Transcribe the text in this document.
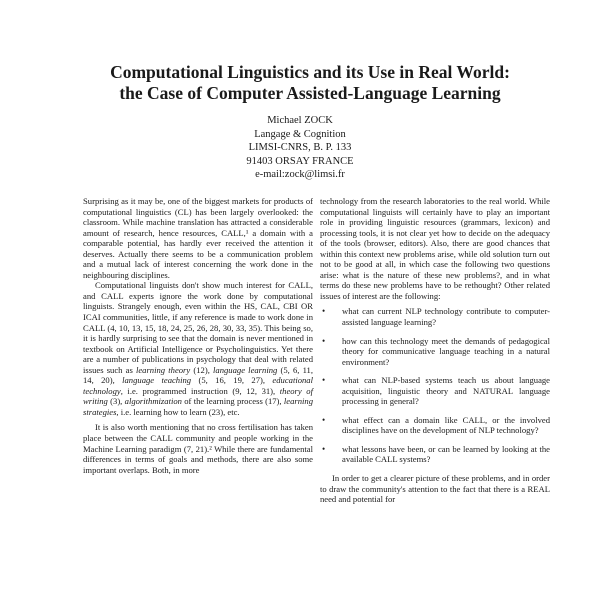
Computational Linguistics and its Use in Real World:
the Case of Computer Assisted-Language Learning
Michael ZOCK
Langage & Cognition
LIMSI-CNRS, B. P. 133
91403 ORSAY FRANCE
e-mail:zock@limsi.fr

Surprising as it may be, one of the biggest markets for products of computational linguistics (CL) has been largely overlooked: the classroom. While machine translation has attracted a considerable amount of research, hence resources, CALL,¹ a domain with a comparable potential, has hardly ever received the attention it deserves. Actually there seems to be a communication problem and a mutual lack of interest concerning the work done in the neighbouring disciplines.

Computational linguists don't show much interest for CALL, and CALL experts ignore the work done by computational linguists. Strangely enough, even within the HS, CAL, CBI OR ICAI communities, little, if any reference is made to work done in CALL (4, 10, 13, 15, 18, 24, 25, 26, 28, 30, 33, 35). This being so, it is hardly surprising to see that the domain is never mentioned in textbook on Artificial Intelligence or Psycholinguistics. Yet there are a number of publications in psychology that deal with related issues such as learning theory (12), language learning (5, 6, 11, 14, 20), language teaching (5, 16, 19, 27), educational technology, i.e. programmed instruction (9, 12, 31), theory of writing (3), algorithmization of the learning process (17), learning strategies, i.e. learning how to learn (23), etc.

It is also worth mentioning that no cross fertilisation has taken place between the CALL community and people working in the Machine Learning paradigm (7, 21).² While there are fundamental differences in terms of goals and methods, there are also some important overlaps. Both, in more

technology from the research laboratories to the real world. While computational linguists will certainly have to play an important role in providing linguistic resources (grammars, lexicon) and processing tools, it is not clear yet how to decide on the adequacy of the tools (browser, editors). Also, there are good chances that within this context new problems arise, while old solution turn out not to be good at all, in which case the following two questions arise: what is the nature of these new problems?, and in what terms do these new problems have to be rethought? Other related issues of interest are the following:

• what can current NLP technology contribute to computer-assisted language learning?
• how can this technology meet the demands of pedagogical theory for communicative language teaching in a natural environment?
• what can NLP-based systems teach us about language acquisition, linguistic theory and NATURAL language processing in general?
• what effect can a domain like CALL, or the involved disciplines have on the development of NLP technology?
• what lessons have been, or can be learned by looking at the available CALL systems?

In order to get a clearer picture of these problems, and in order to draw the community's attention to the fact that there is a REAL need and potential for
